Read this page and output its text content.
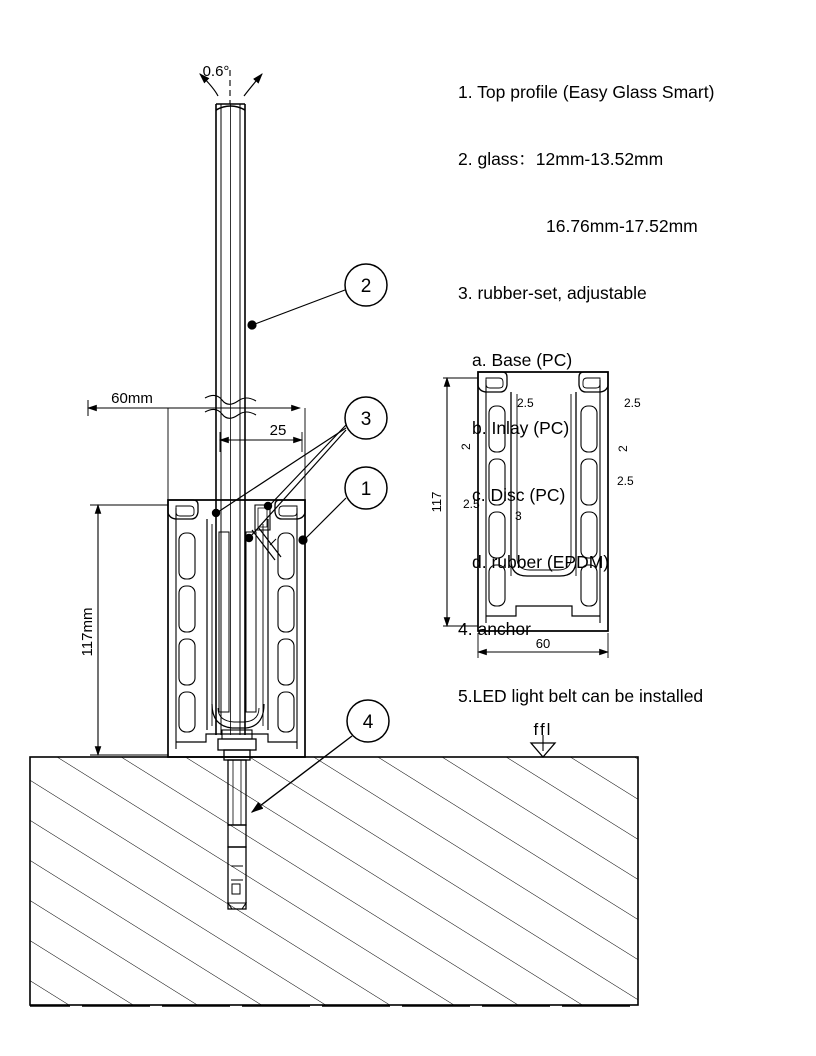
0.6°
60mm
25
117mm
2
3
1
4	ffl
2.5	2.5
2	2
2.5
2.5
3
117
60

1. Top profile (Easy Glass Smart)

2. glass：12mm-13.52mm

16.76mm-17.52mm

3. rubber-set, adjustable

a. Base (PC)

b. Inlay (PC)

c. Disc (PC)

d. rubber (EPDM)

4. anchor

5.LED light belt can be installed
